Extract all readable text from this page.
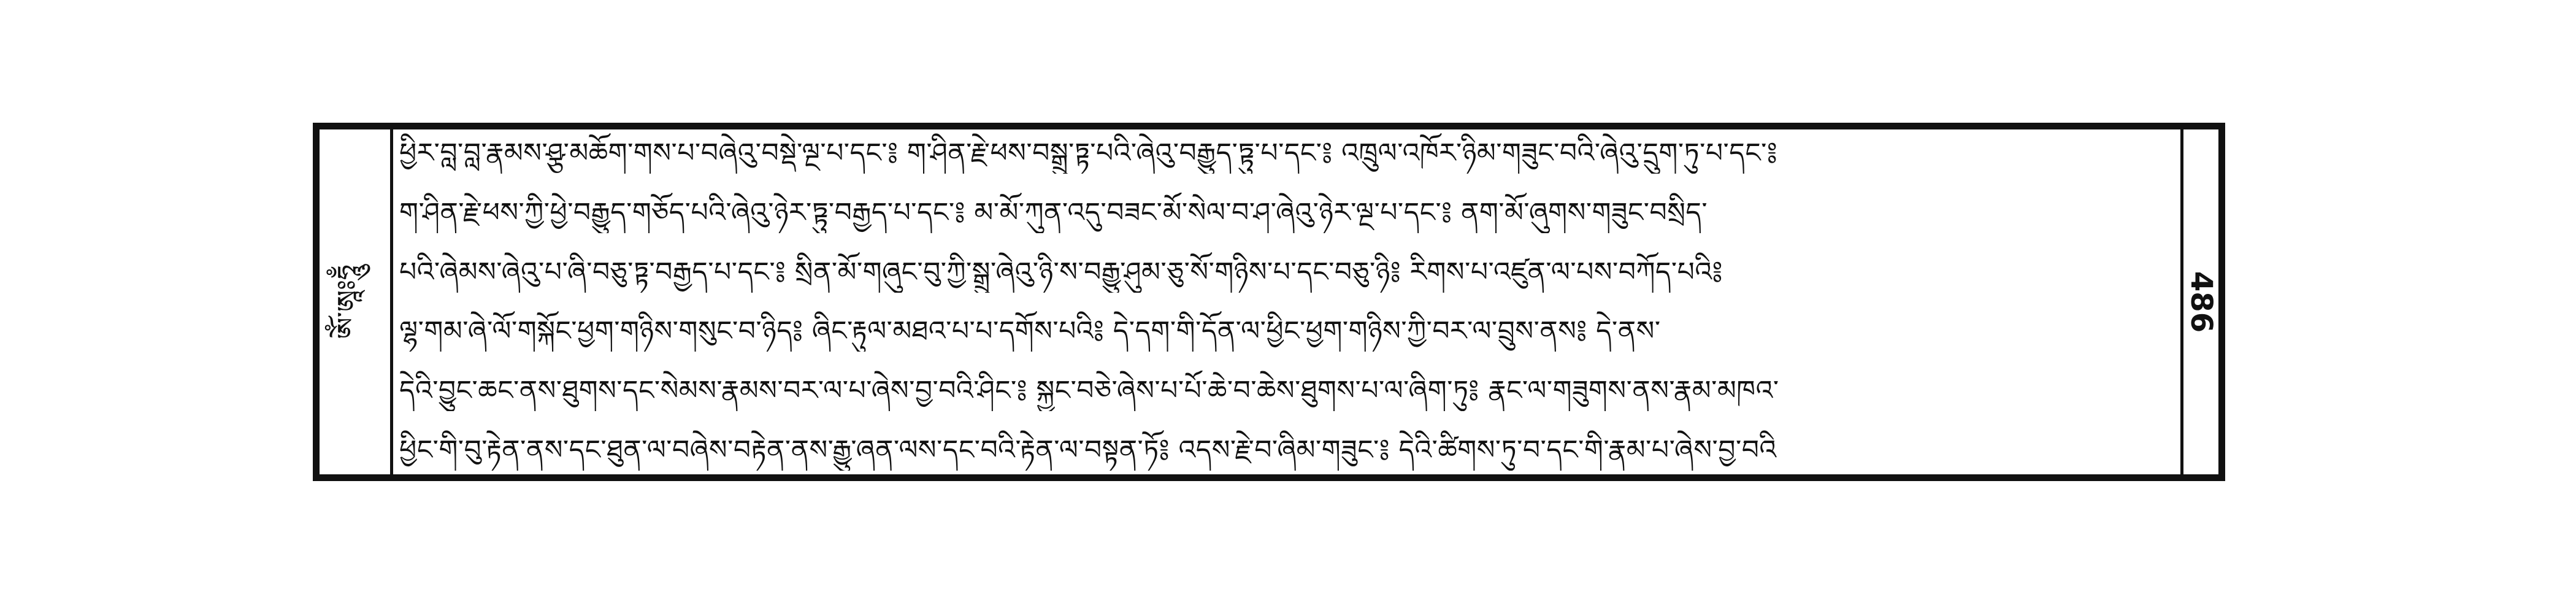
ཨོཾ་ཨཱཿཧཱུྃ
ཕྱིར་བླ་བླ་རྣམས་ཤྩ་མཆོག་གས་པ་བཞེའུ་བསྡེ་ལྔ་པ་དང་༔ ག་ཤིན་རྗེ་ཕས་བསྒྲུ་ཏྟ་པའི་ཞེའུ་བརྒྱུད་ཏྟུ་པ་དང་༔ འཁྲུལ་འཁོར་ཉིམ་གཟུང་བའི་ཞེའུ་དྲུག་ཏུ་པ་དང་༔
ག་ཤིན་རྗེ་ཕས་ཀྱི་ཕྱེ་བརྒྱུད་གཅོད་པའི་ཞེའུ་ཉེར་ཏྟུ་བརྒྱད་པ་དང་༔ མ་མོ་ཀུན་འདུ་བཟང་མོ་སེལ་བ་ཤ་ཞེའུ་ཉེར་ལྔ་པ་དང་༔ ནག་མོ་ཞུགས་གཟུང་བསྲིད་
པའི་ཞེམས་ཞེའུ་པ་ཞི་བཅུ་ཏྟ་བརྒྱད་པ་དང་༔ སྲིན་མོ་གཞུང་བུ་ཀྱི་སྒྲུ་ཞེའུ་ཉི་ས་བརྒྱུ་ཤུམ་ཅུ་སོ་གཉིས་པ་དང་བཅུ་ཉི༔ རིགས་པ་འཛུན་ལ་པས་བཀོད་པའི༔
ལྷ་གམ་ཞེ་ལོ་གསྐོང་ཕྱག་གཉིས་གསུང་བ་ཉིད༔ ཞིང་རྟུལ་མཐའ་པ་པ་དགོས་པའི༔ དེ་དག་གི་དོན་ལ་ཕྱིང་ཕྱག་གཉིས་ཀྱི་བར་ལ་བྲུས་ནས༔ དེ་ནས་
དེའི་བྱུང་ཆང་ནས་ཐུགས་དང་སེམས་རྣམས་བར་ལ་པ་ཞེས་བྱ་བའི་ཤིང་༔ སྐྱང་བཅེ་ཞེས་པ་པོ་ཆེ་བ་ཆེས་ཐུགས་པ་ལ་ཞིག་ཏུ༔ རྣང་ལ་གཟུགས་ནས་རྣམ་མཁའ་
ཕྱིང་གི་བུ་རྟེན་ནས་དང་ཐུན་ལ་བཞེས་བརྟེན་ནས་རྒྱུ་ཞན་ལས་དང་བའི་རྟེན་ལ་བསྟན་ཏོ༔ འདས་རྗེ་བ་ཞིམ་གཟུང་༔ དེའི་ཚིགས་ཏུ་བ་དང་གི་རྣམ་པ་ཞེས་བྱ་བའི
486
